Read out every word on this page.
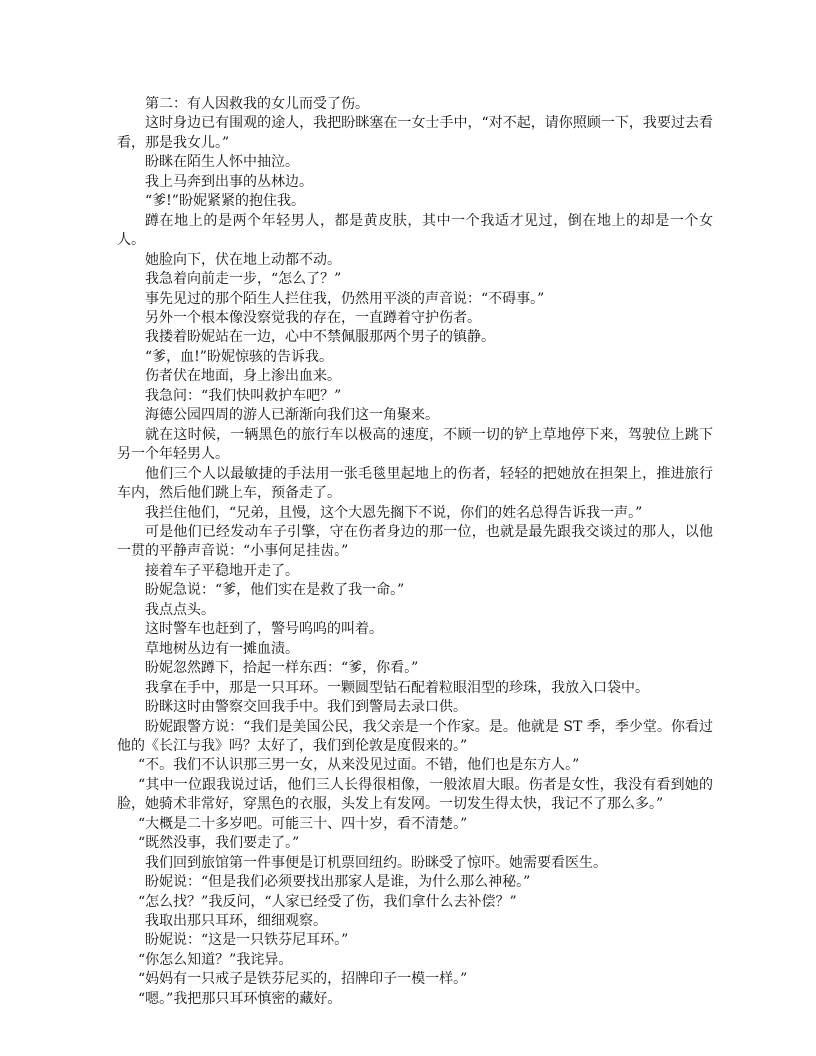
第二：有人因救我的女儿而受了伤。

这时身边已有围观的途人，我把盼眯塞在一女士手中，“对不起，请你照顾一下，我要过去看看，那是我女儿。”

盼眯在陌生人怀中抽泣。

我上马奔到出事的丛林边。

“爹!”盼妮紧紧的抱住我。

蹲在地上的是两个年轻男人，都是黄皮肤，其中一个我适才见过，倒在地上的却是一个女人。

她脸向下，伏在地上动都不动。

我急着向前走一步，“怎么了？”

事先见过的那个陌生人拦住我，仍然用平淡的声音说：“不碍事。”

另外一个根本像没察觉我的存在，一直蹲着守护伤者。

我搂着盼妮站在一边，心中不禁佩服那两个男子的镇静。

“爹，血!”盼妮惊骇的告诉我。

伤者伏在地面，身上渗出血来。

我急问：“我们快叫救护车吧？”

海德公园四周的游人已渐渐向我们这一角聚来。

就在这时候，一辆黑色的旅行车以极高的速度，不顾一切的铲上草地停下来，驾驶位上跳下另一个年轻男人。

他们三个人以最敏捷的手法用一张毛毯里起地上的伤者，轻轻的把她放在担架上，推进旅行车内，然后他们跳上车，预备走了。

我拦住他们，“兄弟，且慢，这个大恩先搁下不说，你们的姓名总得告诉我一声。”

可是他们已经发动车子引擎，守在伤者身边的那一位，也就是最先跟我交谈过的那人，以他一贯的平静声音说：“小事何足挂齿。”

接着车子平稳地开走了。

盼妮急说：“爹，他们实在是救了我一命。”

我点点头。

这时警车也赶到了，警号呜呜的叫着。

草地树丛边有一摊血渍。

盼妮忽然蹲下，拾起一样东西：“爹，你看。”

我拿在手中，那是一只耳环。一颗圆型钻石配着粒眼泪型的珍珠，我放入口袋中。

盼眯这时由警察交回我手中。我们到警局去录口供。

盼妮跟警方说：“我们是美国公民，我父亲是一个作家。是。他就是 ST 季，季少堂。你看过他的《长江与我》吗？太好了，我们到伦敦是度假来的。”

“不。我们不认识那三男一女，从来没见过面。不错，他们也是东方人。”

“其中一位跟我说过话，他们三人长得很相像，一般浓眉大眼。伤者是女性，我没有看到她的脸，她骑术非常好，穿黑色的衣服，头发上有发网。一切发生得太快，我记不了那么多。”

“大概是二十多岁吧。可能三十、四十岁，看不清楚。”

“既然没事，我们要走了。”

我们回到旅馆第一件事便是订机票回纽约。盼眯受了惊吓。她需要看医生。

盼妮说：“但是我们必须要找出那家人是谁，为什么那么神秘。”

“怎么找？”我反问，“人家已经受了伤，我们拿什么去补偿？”

我取出那只耳环，细细观察。

盼妮说：“这是一只铁芬尼耳环。”

“你怎么知道？”我诧异。

“妈妈有一只戒子是铁芬尼买的，招牌印子一模一样。”

“嗯。”我把那只耳环慎密的藏好。
